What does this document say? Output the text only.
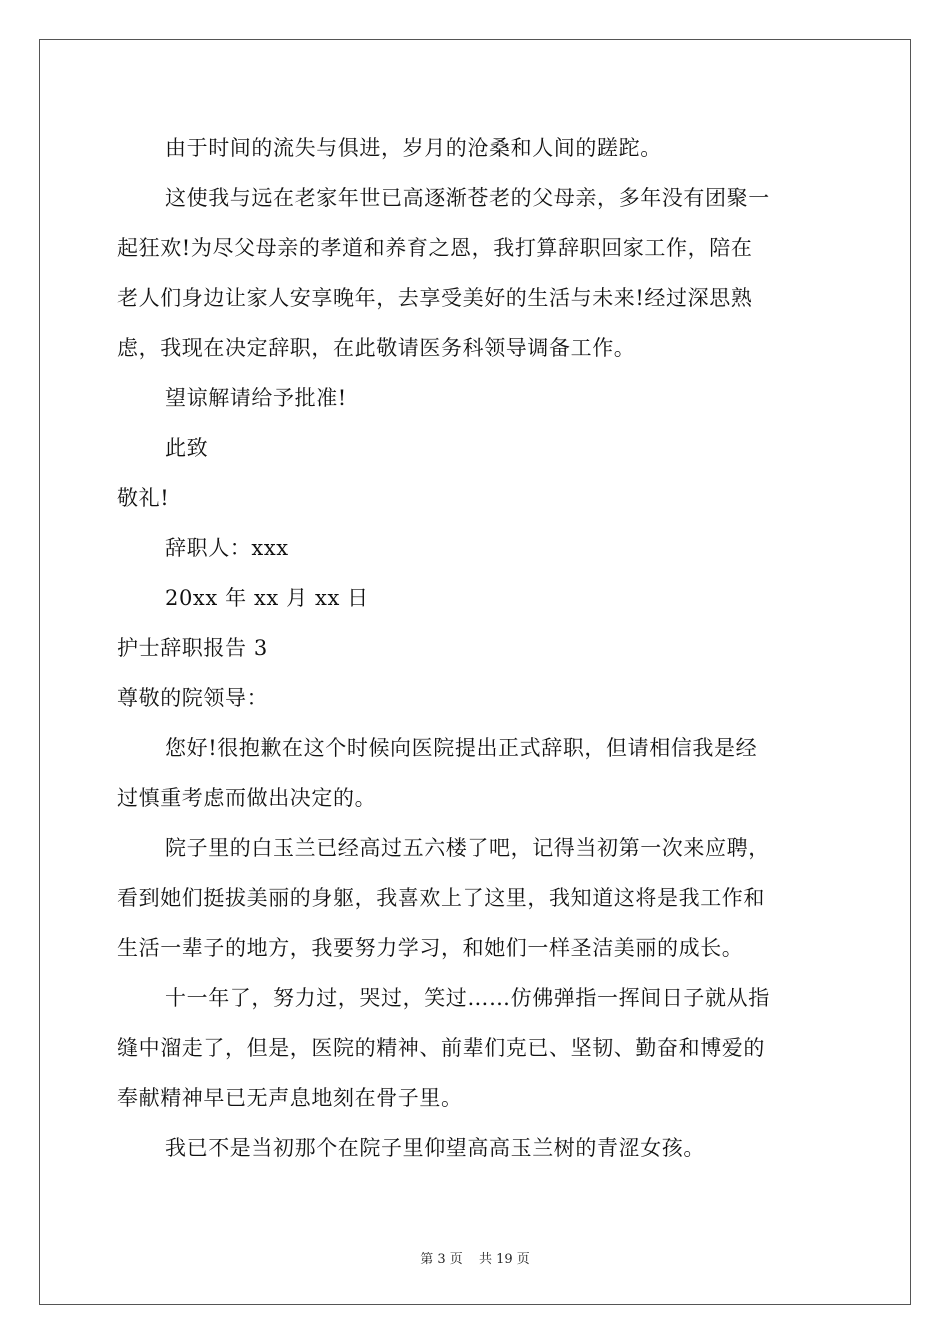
由于时间的流失与俱进，岁月的沧桑和人间的蹉跎。
这使我与远在老家年世已高逐渐苍老的父母亲，多年没有团聚一
起狂欢!为尽父母亲的孝道和养育之恩，我打算辞职回家工作，陪在
老人们身边让家人安享晚年，去享受美好的生活与未来!经过深思熟
虑，我现在决定辞职，在此敬请医务科领导调备工作。
望谅解请给予批准!
此致
敬礼!
辞职人：xxx
20xx 年 xx 月 xx 日
护士辞职报告 3
尊敬的院领导：
您好!很抱歉在这个时候向医院提出正式辞职，但请相信我是经
过慎重考虑而做出决定的。
院子里的白玉兰已经高过五六楼了吧，记得当初第一次来应聘，
看到她们挺拔美丽的身躯，我喜欢上了这里，我知道这将是我工作和
生活一辈子的地方，我要努力学习，和她们一样圣洁美丽的成长。
十一年了，努力过，哭过，笑过……仿佛弹指一挥间日子就从指
缝中溜走了，但是，医院的精神、前辈们克已、坚韧、勤奋和博爱的
奉献精神早已无声息地刻在骨子里。
我已不是当初那个在院子里仰望高高玉兰树的青涩女孩。
第 3 页 共 19 页
